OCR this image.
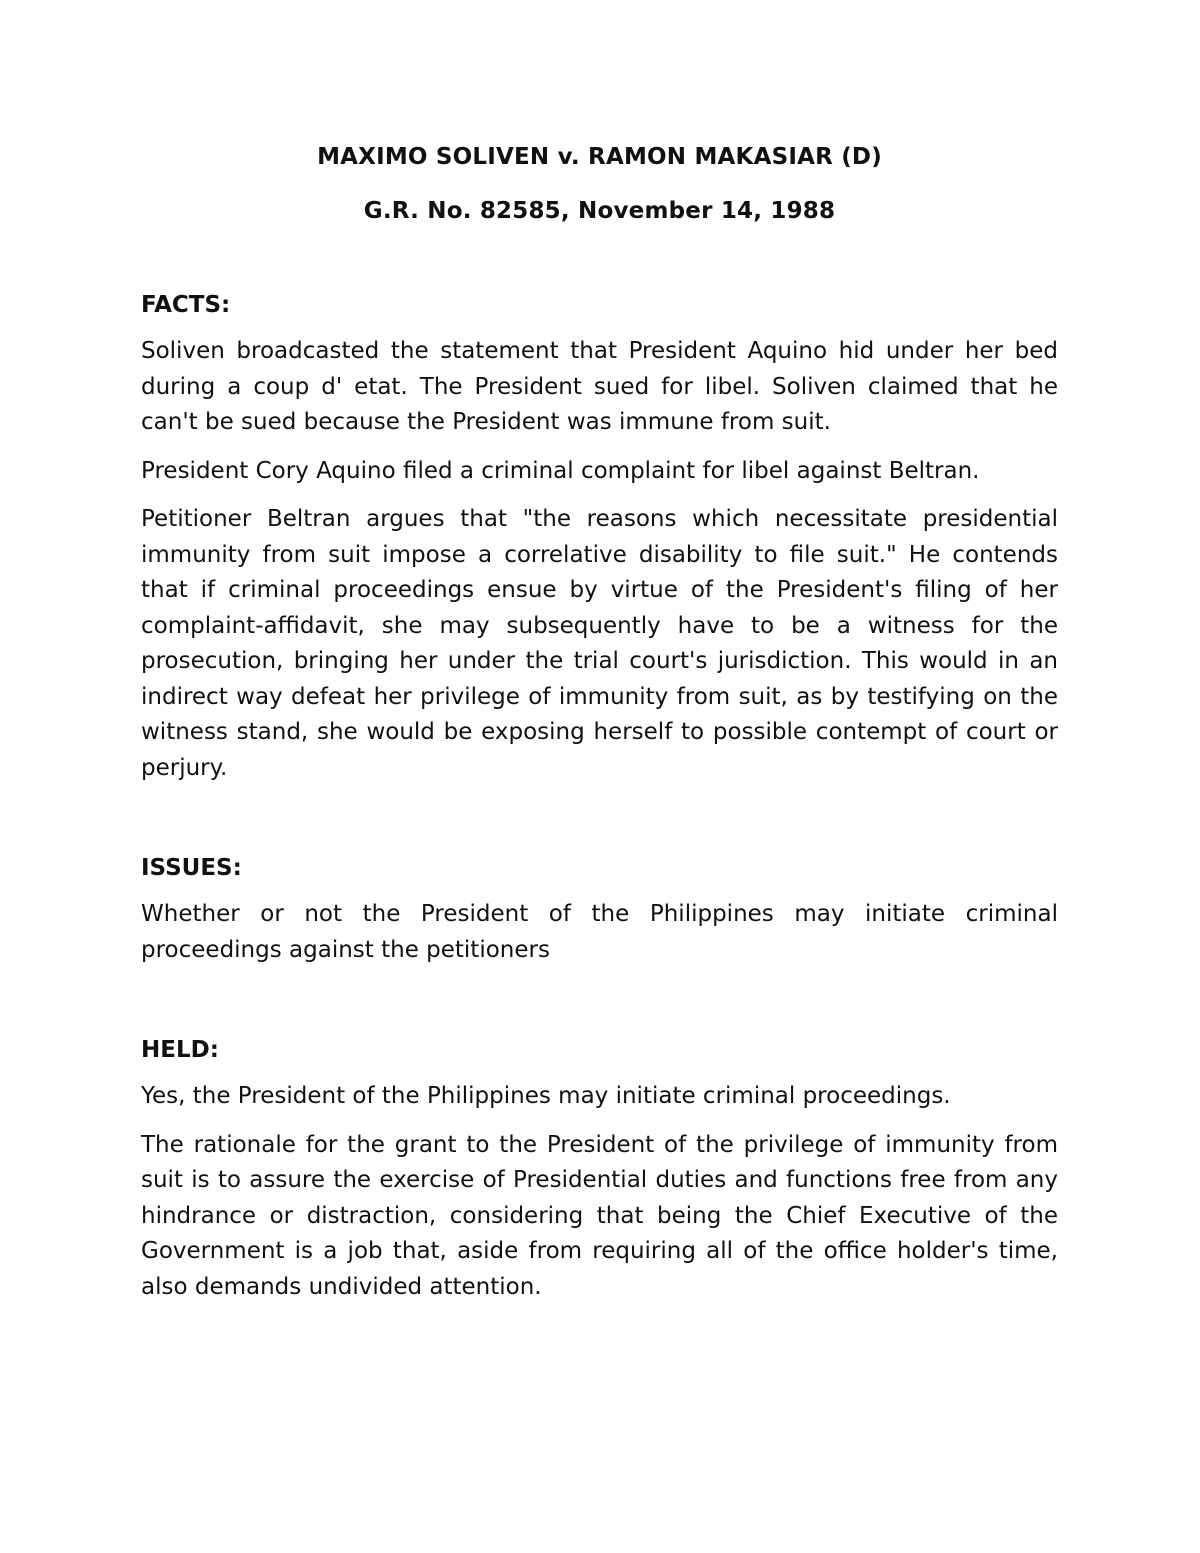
MAXIMO SOLIVEN v. RAMON MAKASIAR (D)

G.R. No. 82585, November 14, 1988

FACTS:

Soliven broadcasted the statement that President Aquino hid under her bed during a coup d' etat. The President sued for libel. Soliven claimed that he can't be sued because the President was immune from suit.

President Cory Aquino filed a criminal complaint for libel against Beltran.

Petitioner Beltran argues that "the reasons which necessitate presidential immunity from suit impose a correlative disability to file suit." He contends that if criminal proceedings ensue by virtue of the President's filing of her complaint-affidavit, she may subsequently have to be a witness for the prosecution, bringing her under the trial court's jurisdiction. This would in an indirect way defeat her privilege of immunity from suit, as by testifying on the witness stand, she would be exposing herself to possible contempt of court or perjury.

ISSUES:

Whether or not the President of the Philippines may initiate criminal proceedings against the petitioners

HELD:

Yes, the President of the Philippines may initiate criminal proceedings.

The rationale for the grant to the President of the privilege of immunity from suit is to assure the exercise of Presidential duties and functions free from any hindrance or distraction, considering that being the Chief Executive of the Government is a job that, aside from requiring all of the office holder's time, also demands undivided attention.
